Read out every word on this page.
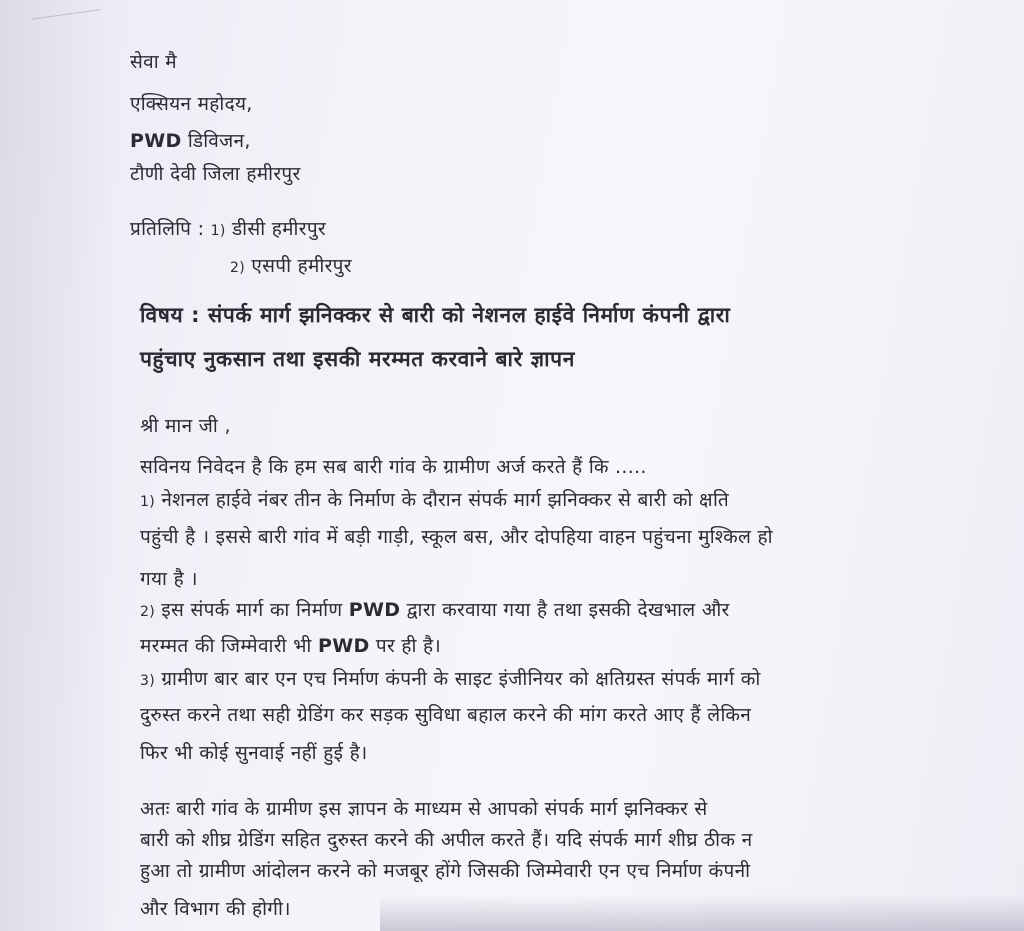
सेवा मै
एक्सियन महोदय,
PWD डिविजन,
टौणी देवी जिला हमीरपुर
प्रतिलिपि : 1) डीसी हमीरपुर
2) एसपी हमीरपुर
विषय : संपर्क मार्ग झनिक्कर से बारी को नेशनल हाईवे निर्माण कंपनी द्वारा
पहुंचाए नुकसान तथा इसकी मरम्मत करवाने बारे ज्ञापन
श्री मान जी ,
सविनय निवेदन है कि हम सब बारी गांव के ग्रामीण अर्ज करते हैं कि .....
1) नेशनल हाईवे नंबर तीन के निर्माण के दौरान संपर्क मार्ग झनिक्कर से बारी को क्षति
पहुंची है । इससे बारी गांव में बड़ी गाड़ी, स्कूल बस, और दोपहिया वाहन पहुंचना मुश्किल हो
गया है ।
2) इस संपर्क मार्ग का निर्माण PWD द्वारा करवाया गया है तथा इसकी देखभाल और
मरम्मत की जिम्मेवारी भी PWD पर ही है।
3) ग्रामीण बार बार एन एच निर्माण कंपनी के साइट इंजीनियर को क्षतिग्रस्त संपर्क मार्ग को
दुरुस्त करने तथा सही ग्रेडिंग कर सड़क सुविधा बहाल करने की मांग करते आए हैं लेकिन
फिर भी कोई सुनवाई नहीं हुई है।
अतः बारी गांव के ग्रामीण इस ज्ञापन के माध्यम से आपको संपर्क मार्ग झनिक्कर से
बारी को शीघ्र ग्रेडिंग सहित दुरुस्त करने की अपील करते हैं। यदि संपर्क मार्ग शीघ्र ठीक न
हुआ तो ग्रामीण आंदोलन करने को मजबूर होंगे जिसकी जिम्मेवारी एन एच निर्माण कंपनी
और विभाग की होगी।
